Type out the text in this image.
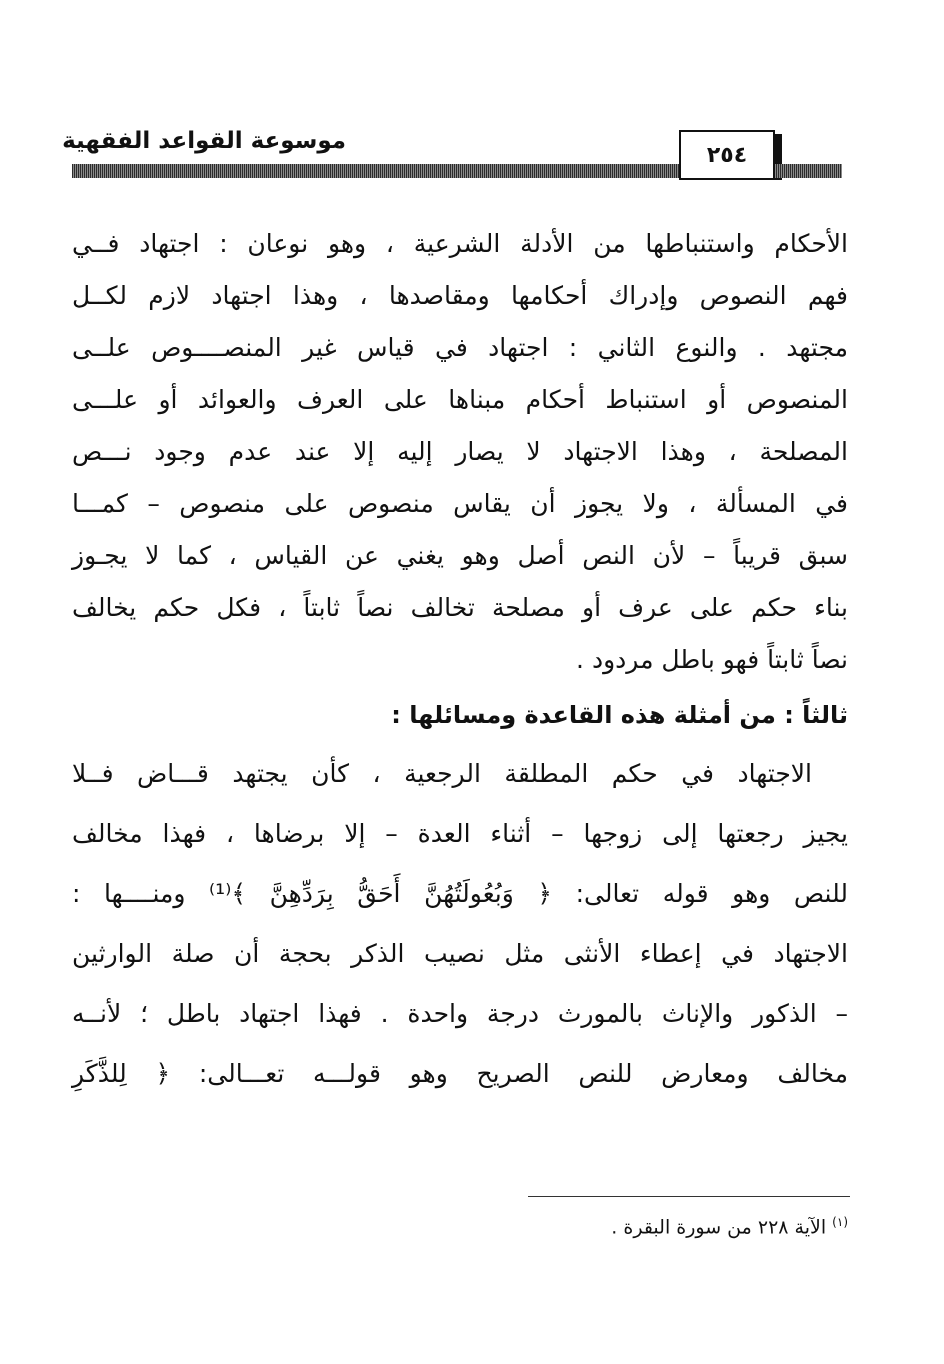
٢٥٤
موسوعة القواعد الفقهية
الأحكام واستنباطها من الأدلة الشرعية ، وهو نوعان : اجتهاد فــي
فهم النصوص وإدراك أحكامها ومقاصدها ، وهذا اجتهاد لازم لكــل
مجتهد . والنوع الثاني : اجتهاد في قياس غير المنصــــوص علــى
المنصوص أو استنباط أحكام مبناها على العرف والعوائد أو علـــى
المصلحة ، وهذا الاجتهاد لا يصار إليه إلا عند عدم وجود نـــص
في المسألة ، ولا يجوز أن يقاس منصوص على منصوص – كمـــا
سبق قريباً – لأن النص أصل وهو يغني عن القياس ، كما لا يجـوز
بناء حكم على عرف أو مصلحة تخالف نصاً ثابتاً ، فكل حكم يخالف
نصاً ثابتاً فهو باطل مردود .
ثالثاً : من أمثلة هذه القاعدة ومسائلها :
الاجتهاد في حكم المطلقة الرجعية ، كأن يجتهد قـــاض فــلا
يجيز رجعتها إلى زوجها – أثناء العدة – إلا برضاها ، فهذا مخالف
للنص وهو قوله تعالى: ﴿ وَبُعُولَتُهُنَّ أَحَقُّ بِرَدِّهِنَّ ﴾⁽¹⁾ ومنــــها :
الاجتهاد في إعطاء الأنثى مثل نصيب الذكر بحجة أن صلة الوارثين
– الذكور والإناث بالمورث درجة واحدة . فهذا اجتهاد باطل ؛ لأنــه
مخالف ومعارض للنص الصريح وهو قولـــه تعـــالى: ﴿ لِلذَّكَرِ
$^{(١)}$ الآية ٢٢٨ من سورة البقرة .
